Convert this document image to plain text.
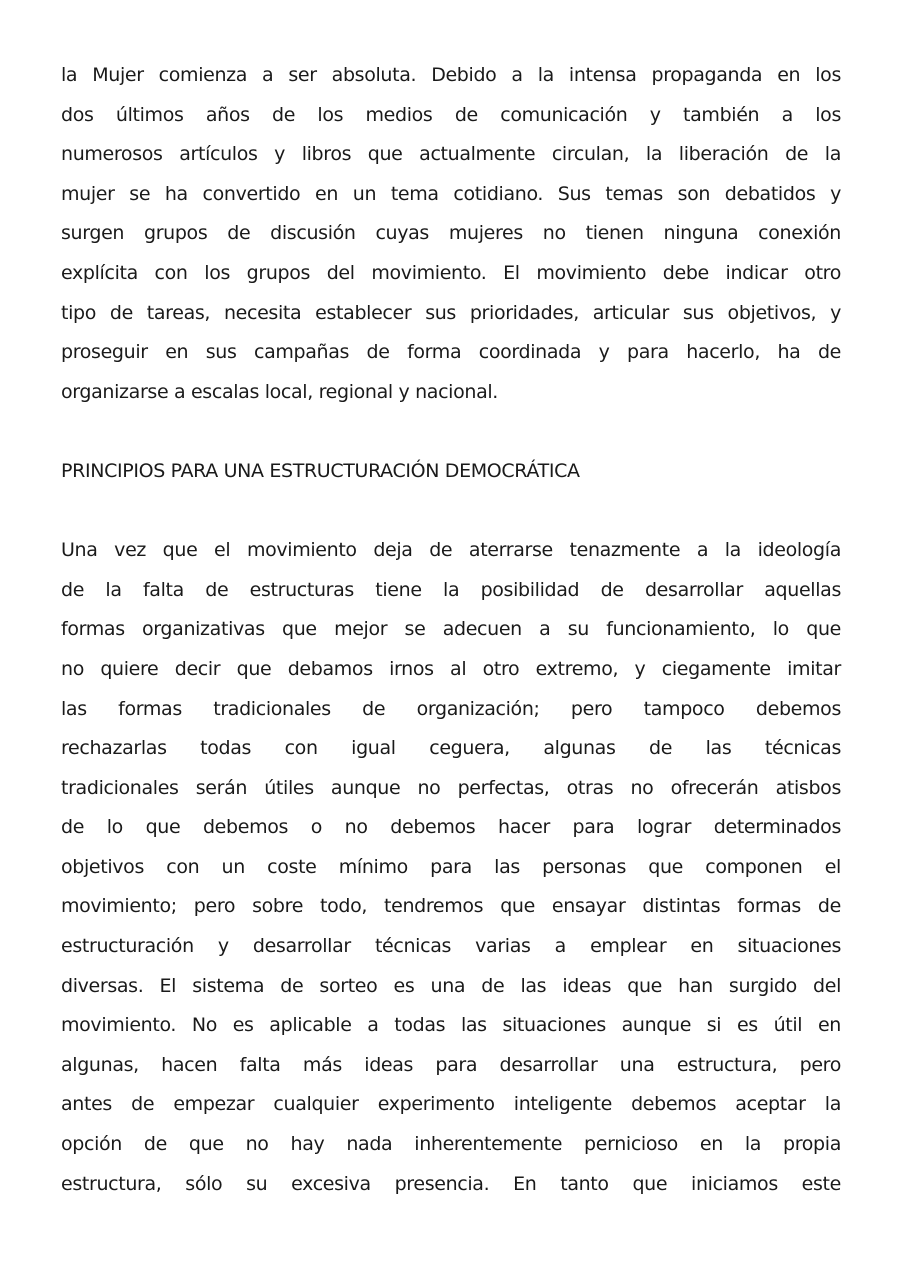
la Mujer comienza a ser absoluta. Debido a la intensa propaganda en los
dos últimos años de los medios de comunicación y también a los
numerosos artículos y libros que actualmente circulan, la liberación de la
mujer se ha convertido en un tema cotidiano. Sus temas son debatidos y
surgen grupos de discusión cuyas mujeres no tienen ninguna conexión
explícita con los grupos del movimiento. El movimiento debe indicar otro
tipo de tareas, necesita establecer sus prioridades, articular sus objetivos, y
proseguir en sus campañas de forma coordinada y para hacerlo, ha de
organizarse a escalas local, regional y nacional.
PRINCIPIOS PARA UNA ESTRUCTURACIÓN DEMOCRÁTICA
Una vez que el movimiento deja de aterrarse tenazmente a la ideología
de la falta de estructuras tiene la posibilidad de desarrollar aquellas
formas organizativas que mejor se adecuen a su funcionamiento, lo que
no quiere decir que debamos irnos al otro extremo, y ciegamente imitar
las formas tradicionales de organización; pero tampoco debemos
rechazarlas todas con igual ceguera, algunas de las técnicas
tradicionales serán útiles aunque no perfectas, otras no ofrecerán atisbos
de lo que debemos o no debemos hacer para lograr determinados
objetivos con un coste mínimo para las personas que componen el
movimiento; pero sobre todo, tendremos que ensayar distintas formas de
estructuración y desarrollar técnicas varias a emplear en situaciones
diversas. El sistema de sorteo es una de las ideas que han surgido del
movimiento. No es aplicable a todas las situaciones aunque si es útil en
algunas, hacen falta más ideas para desarrollar una estructura, pero
antes de empezar cualquier experimento inteligente debemos aceptar la
opción de que no hay nada inherentemente pernicioso en la propia
estructura, sólo su excesiva presencia. En tanto que iniciamos este
